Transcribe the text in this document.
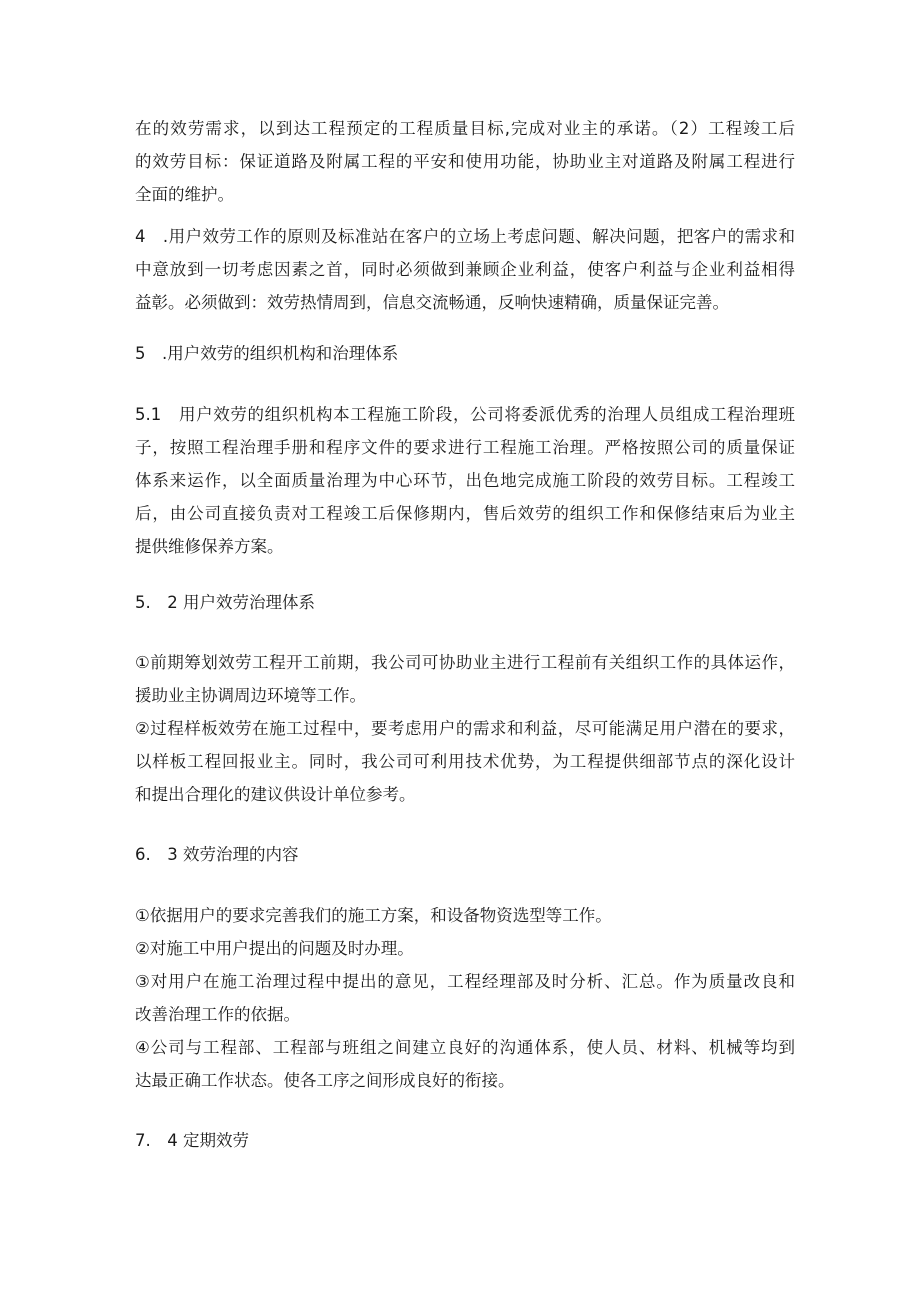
在的效劳需求，以到达工程预定的工程质量目标,完成对业主的承诺。（2）工程竣工后
的效劳目标：保证道路及附属工程的平安和使用功能，协助业主对道路及附属工程进行
全面的维护。
4　.用户效劳工作的原则及标准站在客户的立场上考虑问题、解决问题，把客户的需求和
中意放到一切考虑因素之首，同时必须做到兼顾企业利益，使客户利益与企业利益相得
益彰。必须做到：效劳热情周到，信息交流畅通，反响快速精确，质量保证完善。
5　.用户效劳的组织机构和治理体系
5.1　用户效劳的组织机构本工程施工阶段，公司将委派优秀的治理人员组成工程治理班
子，按照工程治理手册和程序文件的要求进行工程施工治理。严格按照公司的质量保证
体系来运作，以全面质量治理为中心环节，出色地完成施工阶段的效劳目标。工程竣工
后，由公司直接负责对工程竣工后保修期内，售后效劳的组织工作和保修结束后为业主
提供维修保养方案。
5.　2 用户效劳治理体系
①前期筹划效劳工程开工前期，我公司可协助业主进行工程前有关组织工作的具体运作，
援助业主协调周边环境等工作。
②过程样板效劳在施工过程中，要考虑用户的需求和利益，尽可能满足用户潜在的要求，
以样板工程回报业主。同时，我公司可利用技术优势，为工程提供细部节点的深化设计
和提出合理化的建议供设计单位参考。
6.　3 效劳治理的内容
①依据用户的要求完善我们的施工方案，和设备物资选型等工作。
②对施工中用户提出的问题及时办理。
③对用户在施工治理过程中提出的意见，工程经理部及时分析、汇总。作为质量改良和
改善治理工作的依据。
④公司与工程部、工程部与班组之间建立良好的沟通体系，使人员、材料、机械等均到
达最正确工作状态。使各工序之间形成良好的衔接。
7.　4 定期效劳
